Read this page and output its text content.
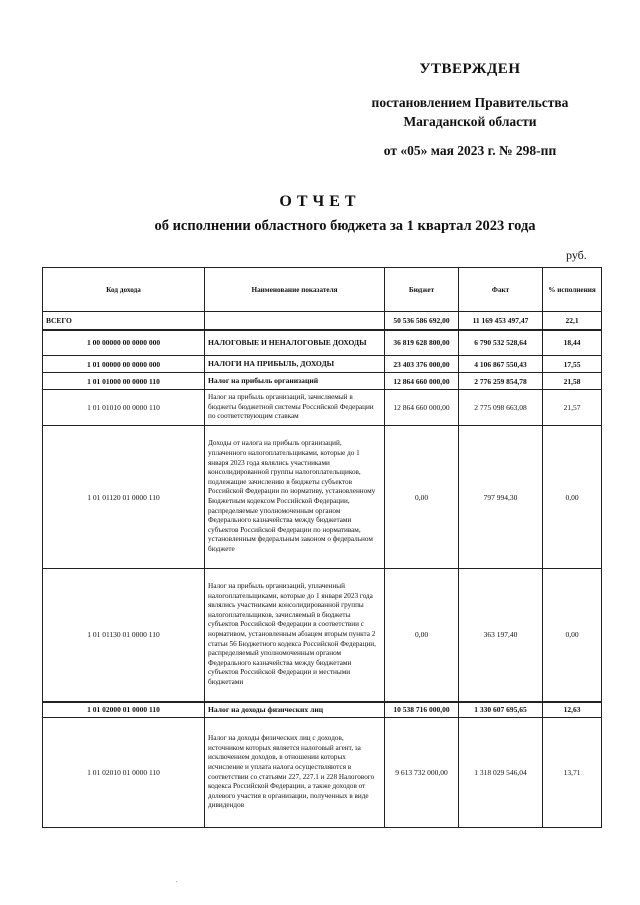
УТВЕРЖДЕН
постановлением Правительства
Магаданской области
от «05» мая 2023 г. № 298-пп
ОТЧЕТ
об исполнении областного бюджета за 1 квартал 2023 года
руб.
Код дохода	Наименование показателя	Бюджет	Факт	% исполнения
ВСЕГО		50 536 586 692,00	11 169 453 497,47	22,1
1 00 00000 00 0000 000	НАЛОГОВЫЕ И НЕНАЛОГОВЫЕ ДОХОДЫ	36 819 628 800,00	6 790 532 528,64	18,44
1 01 00000 00 0000 000	НАЛОГИ НА ПРИБЫЛЬ, ДОХОДЫ	23 403 376 000,00	4 106 867 550,43	17,55
1 01 01000 00 0000 110	Налог на прибыль организаций	12 864 660 000,00	2 776 259 854,78	21,58
1 01 01010 00 0000 110	Налог на прибыль организаций, зачисляемый в бюджеты бюджетной системы Российской Федерации по соответствующим ставкам	12 864 660 000,00	2 775 098 663,08	21,57
1 01 01120 01 0000 110	Доходы от налога на прибыль организаций, уплаченного налогоплательщиками, которые до 1 января 2023 года являлись участниками консолидированной группы налогоплательщиков, подлежащие зачислению в бюджеты субъектов Российской Федерации по нормативу, установленному Бюджетным кодексом Российской Федерации, распределяемые уполномоченным органом Федерального казначейства между бюджетами субъектов Российской Федерации по нормативам, установленным федеральным законом о федеральном бюджете	0,00	797 994,30	0,00
1 01 01130 01 0000 110	Налог на прибыль организаций, уплаченный налогоплательщиками, которые до 1 января 2023 года являлись участниками консолидированной группы налогоплательщиков, зачисляемый в бюджеты субъектов Российской Федерации в соответствии с нормативом, установленным абзацем вторым пункта 2 статьи 56 Бюджетного кодекса Российской Федерации, распределяемый уполномоченным органом Федерального казначейства между бюджетами субъектов Российской Федерации и местными бюджетами	0,00	363 197,40	0,00
1 01 02000 01 0000 110	Налог на доходы физических лиц	10 538 716 000,00	1 330 607 695,65	12,63
1 01 02010 01 0000 110	Налог на доходы физических лиц с доходов, источником которых является налоговый агент, за исключением доходов, в отношении которых исчисление и уплата налога осуществляются в соответствии со статьями 227, 227.1 и 228 Налогового кодекса Российской Федерации, а также доходов от долевого участия в организации, полученных в виде дивидендов	9 613 732 000,00	1 318 029 546,04	13,71
.
